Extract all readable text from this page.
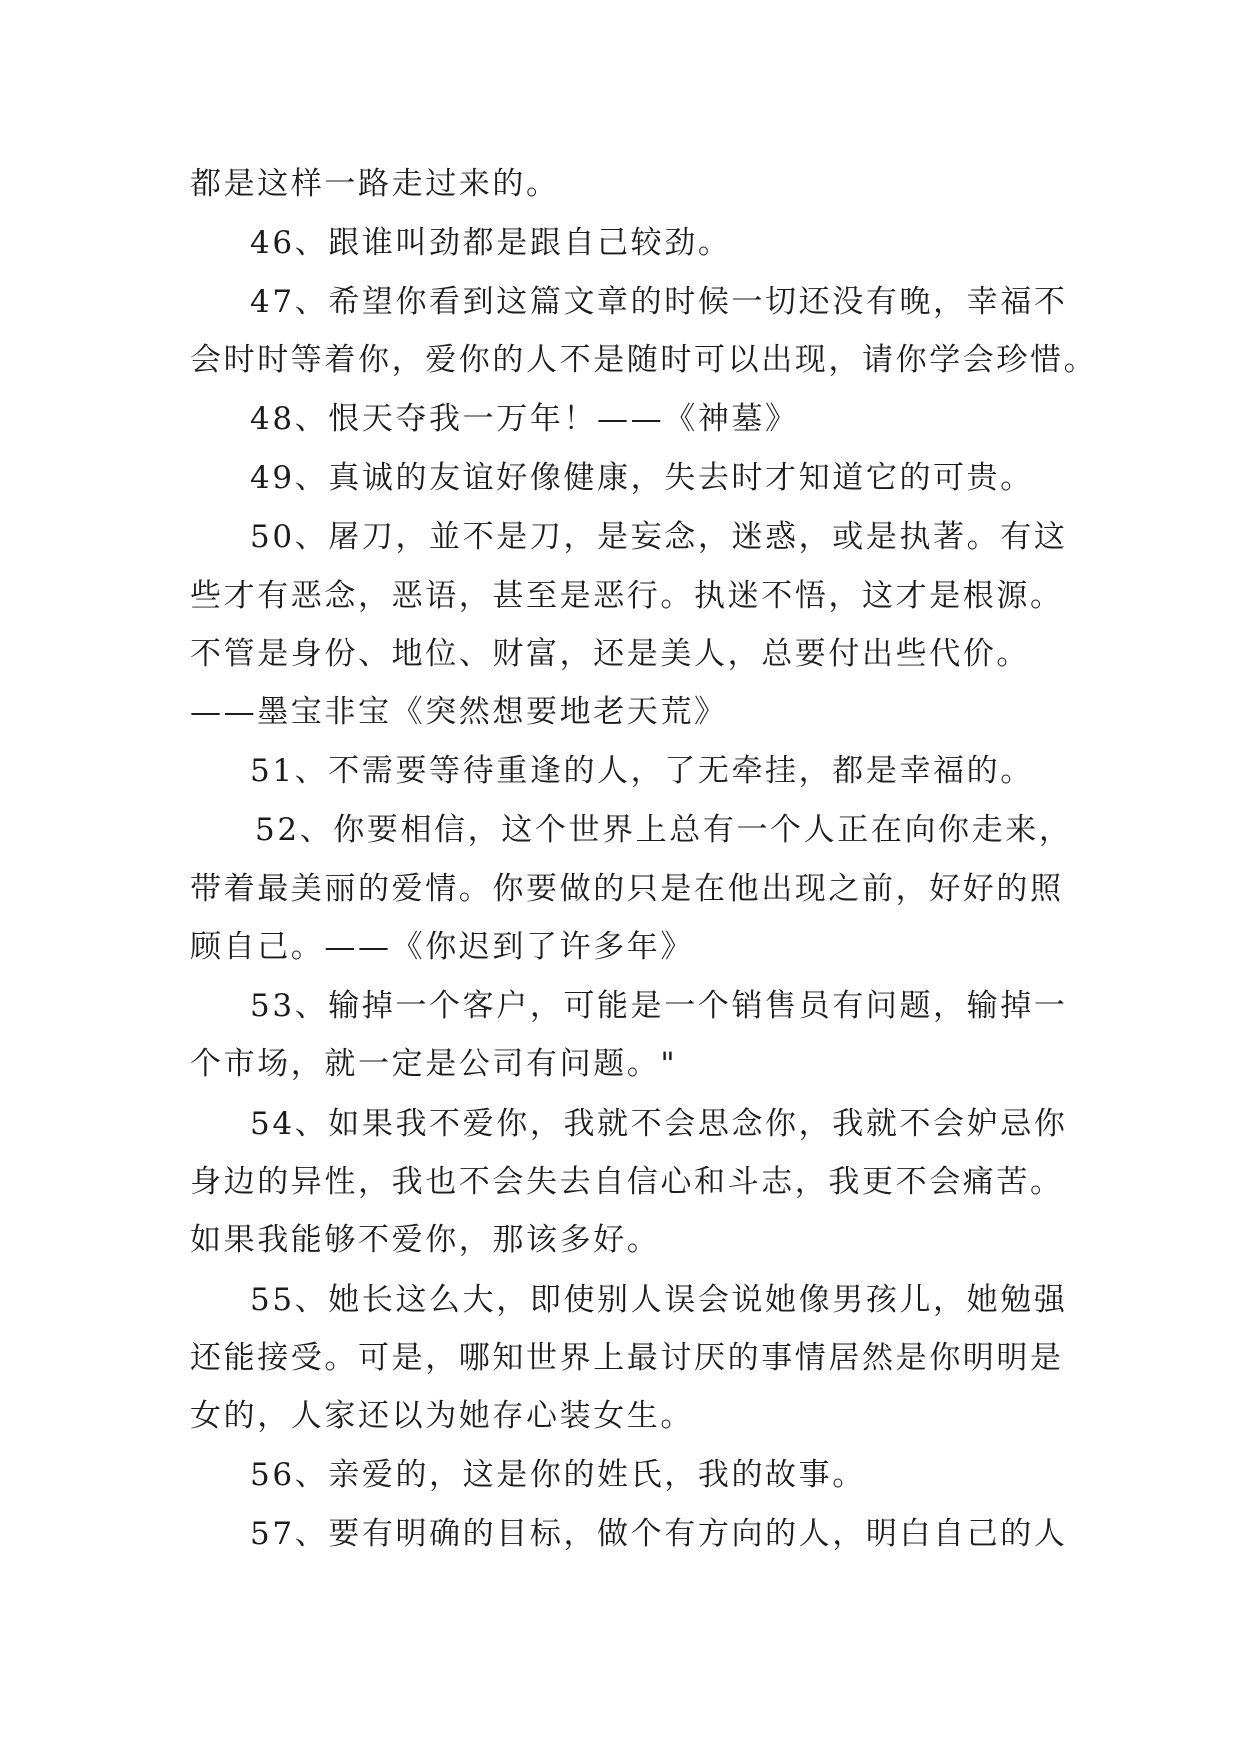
都是这样一路走过来的。
46、跟谁叫劲都是跟自己较劲。
47、希望你看到这篇文章的时候一切还没有晚，幸福不
会时时等着你，爱你的人不是随时可以出现，请你学会珍惜。
48、恨天夺我一万年！——《神墓》
49、真诚的友谊好像健康，失去时才知道它的可贵。
50、屠刀，並不是刀，是妄念，迷惑，或是执著。有这
些才有恶念，恶语，甚至是恶行。执迷不悟，这才是根源。
不管是身份、地位、财富，还是美人，总要付出些代价。
——墨宝非宝《突然想要地老天荒》
51、不需要等待重逢的人，了无牵挂，都是幸福的。
52、你要相信，这个世界上总有一个人正在向你走来，
带着最美丽的爱情。你要做的只是在他出现之前，好好的照
顾自己。——《你迟到了许多年》
53、输掉一个客户，可能是一个销售员有问题，输掉一
个市场，就一定是公司有问题。"
54、如果我不爱你，我就不会思念你，我就不会妒忌你
身边的异性，我也不会失去自信心和斗志，我更不会痛苦。
如果我能够不爱你，那该多好。
55、她长这么大，即使别人误会说她像男孩儿，她勉强
还能接受。可是，哪知世界上最讨厌的事情居然是你明明是
女的，人家还以为她存心装女生。
56、亲爱的，这是你的姓氏，我的故事。
57、要有明确的目标，做个有方向的人，明白自己的人
